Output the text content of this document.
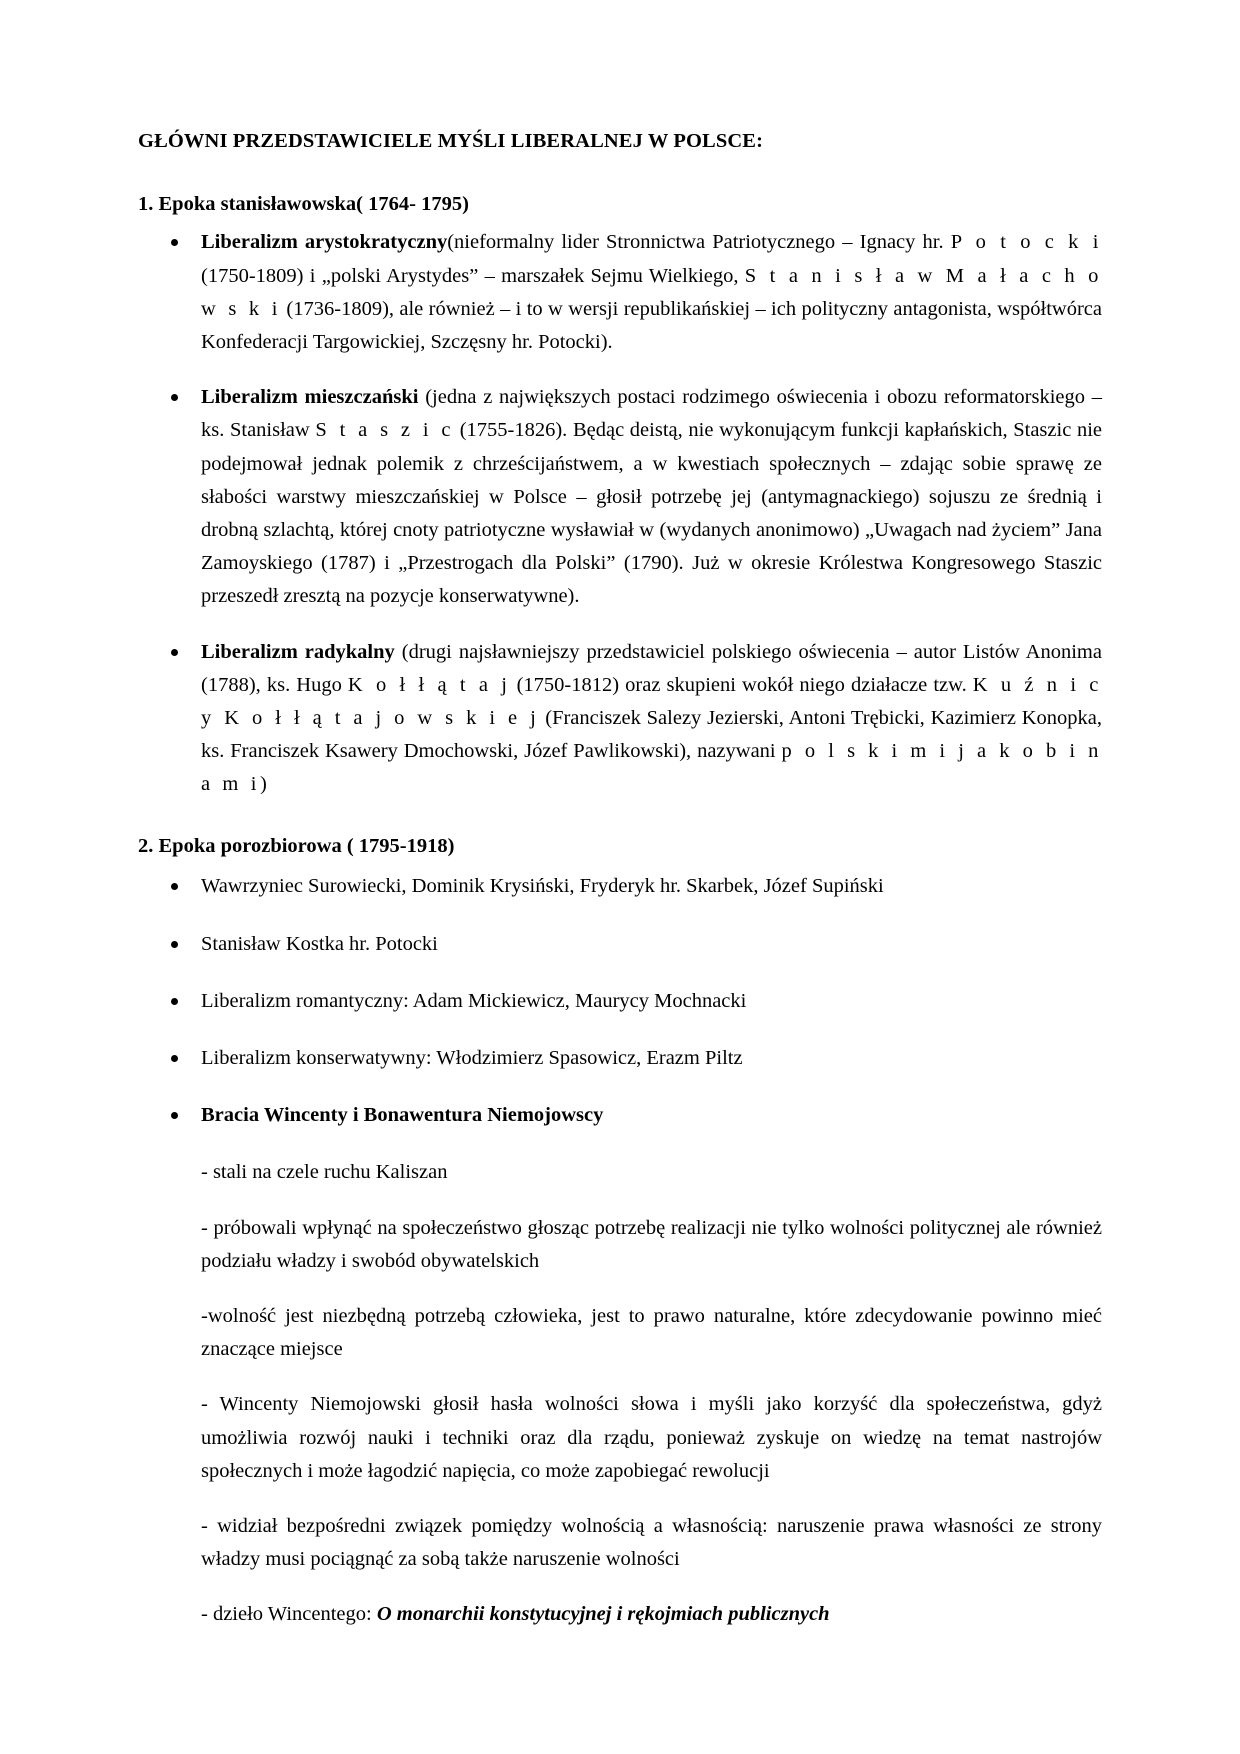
GŁÓWNI PRZEDSTAWICIELE MYŚLI LIBERALNEJ W POLSCE:
1. Epoka stanisławowska( 1764- 1795)
Liberalizm arystokratyczny(nieformalny lider Stronnictwa Patriotycznego – Ignacy hr. P o t o c k i (1750-1809) i „polski Arystydes” – marszałek Sejmu Wielkiego, S t a n i s ł a w M a ł a c h o w s k i (1736-1809), ale również – i to w wersji republikańskiej – ich polityczny antagonista, współtwórca Konfederacji Targowickiej, Szczęsny hr. Potocki).
Liberalizm mieszczański (jedna z największych postaci rodzimego oświecenia i obozu reformatorskiego – ks. Stanisław S t a s z i c (1755-1826). Będąc deistą, nie wykonującym funkcji kapłańskich, Staszic nie podejmował jednak polemik z chrześcijaństwem, a w kwestiach społecznych – zdając sobie sprawę ze słabości warstwy mieszczańskiej w Polsce – głosił potrzebę jej (antymagnackiego) sojuszu ze średnią i drobną szlachtą, której cnoty patriotyczne wysławiał w (wydanych anonimowo) „Uwagach nad życiem” Jana Zamoyskiego (1787) i „Przestrogach dla Polski” (1790). Już w okresie Królestwa Kongresowego Staszic przeszedł zresztą na pozycje konserwatywne).
Liberalizm radykalny (drugi najsławniejszy przedstawiciel polskiego oświecenia – autor Listów Anonima (1788), ks. Hugo K o ł ł ą t a j (1750-1812) oraz skupieni wokół niego działacze tzw. K u ź n i c y K o ł ł ą t a j o w s k i e j (Franciszek Salezy Jezierski, Antoni Trębicki, Kazimierz Konopka, ks. Franciszek Ksawery Dmochowski, Józef Pawlikowski), nazywani p o l s k i m i j a k o b i n a m i)
2. Epoka porozbiorowa ( 1795-1918)
Wawrzyniec Surowiecki, Dominik Krysiński, Fryderyk hr. Skarbek, Józef Supiński
Stanisław Kostka hr. Potocki
Liberalizm romantyczny: Adam Mickiewicz, Maurycy Mochnacki
Liberalizm konserwatywny: Włodzimierz Spasowicz, Erazm Piltz
Bracia Wincenty i Bonawentura Niemojowscy

- stali na czele ruchu Kaliszan

- próbowali wpłynąć na społeczeństwo głosząc potrzebę realizacji nie tylko wolności politycznej ale również podziału władzy i swobód obywatelskich

-wolność jest niezbędną potrzebą człowieka, jest to prawo naturalne, które zdecydowanie powinno mieć znaczące miejsce

- Wincenty Niemojowski głosił hasła wolności słowa i myśli jako korzyść dla społeczeństwa, gdyż umożliwia rozwój nauki i techniki oraz dla rządu, ponieważ zyskuje on wiedzę na temat nastrojów społecznych i może łagodzić napięcia, co może zapobiegać rewolucji

- widział bezpośredni związek pomiędzy wolnością a własnością: naruszenie prawa własności ze strony władzy musi pociągnąć za sobą także naruszenie wolności

- dzieło Wincentego: O monarchii konstytucyjnej i rękojmiach publicznych
